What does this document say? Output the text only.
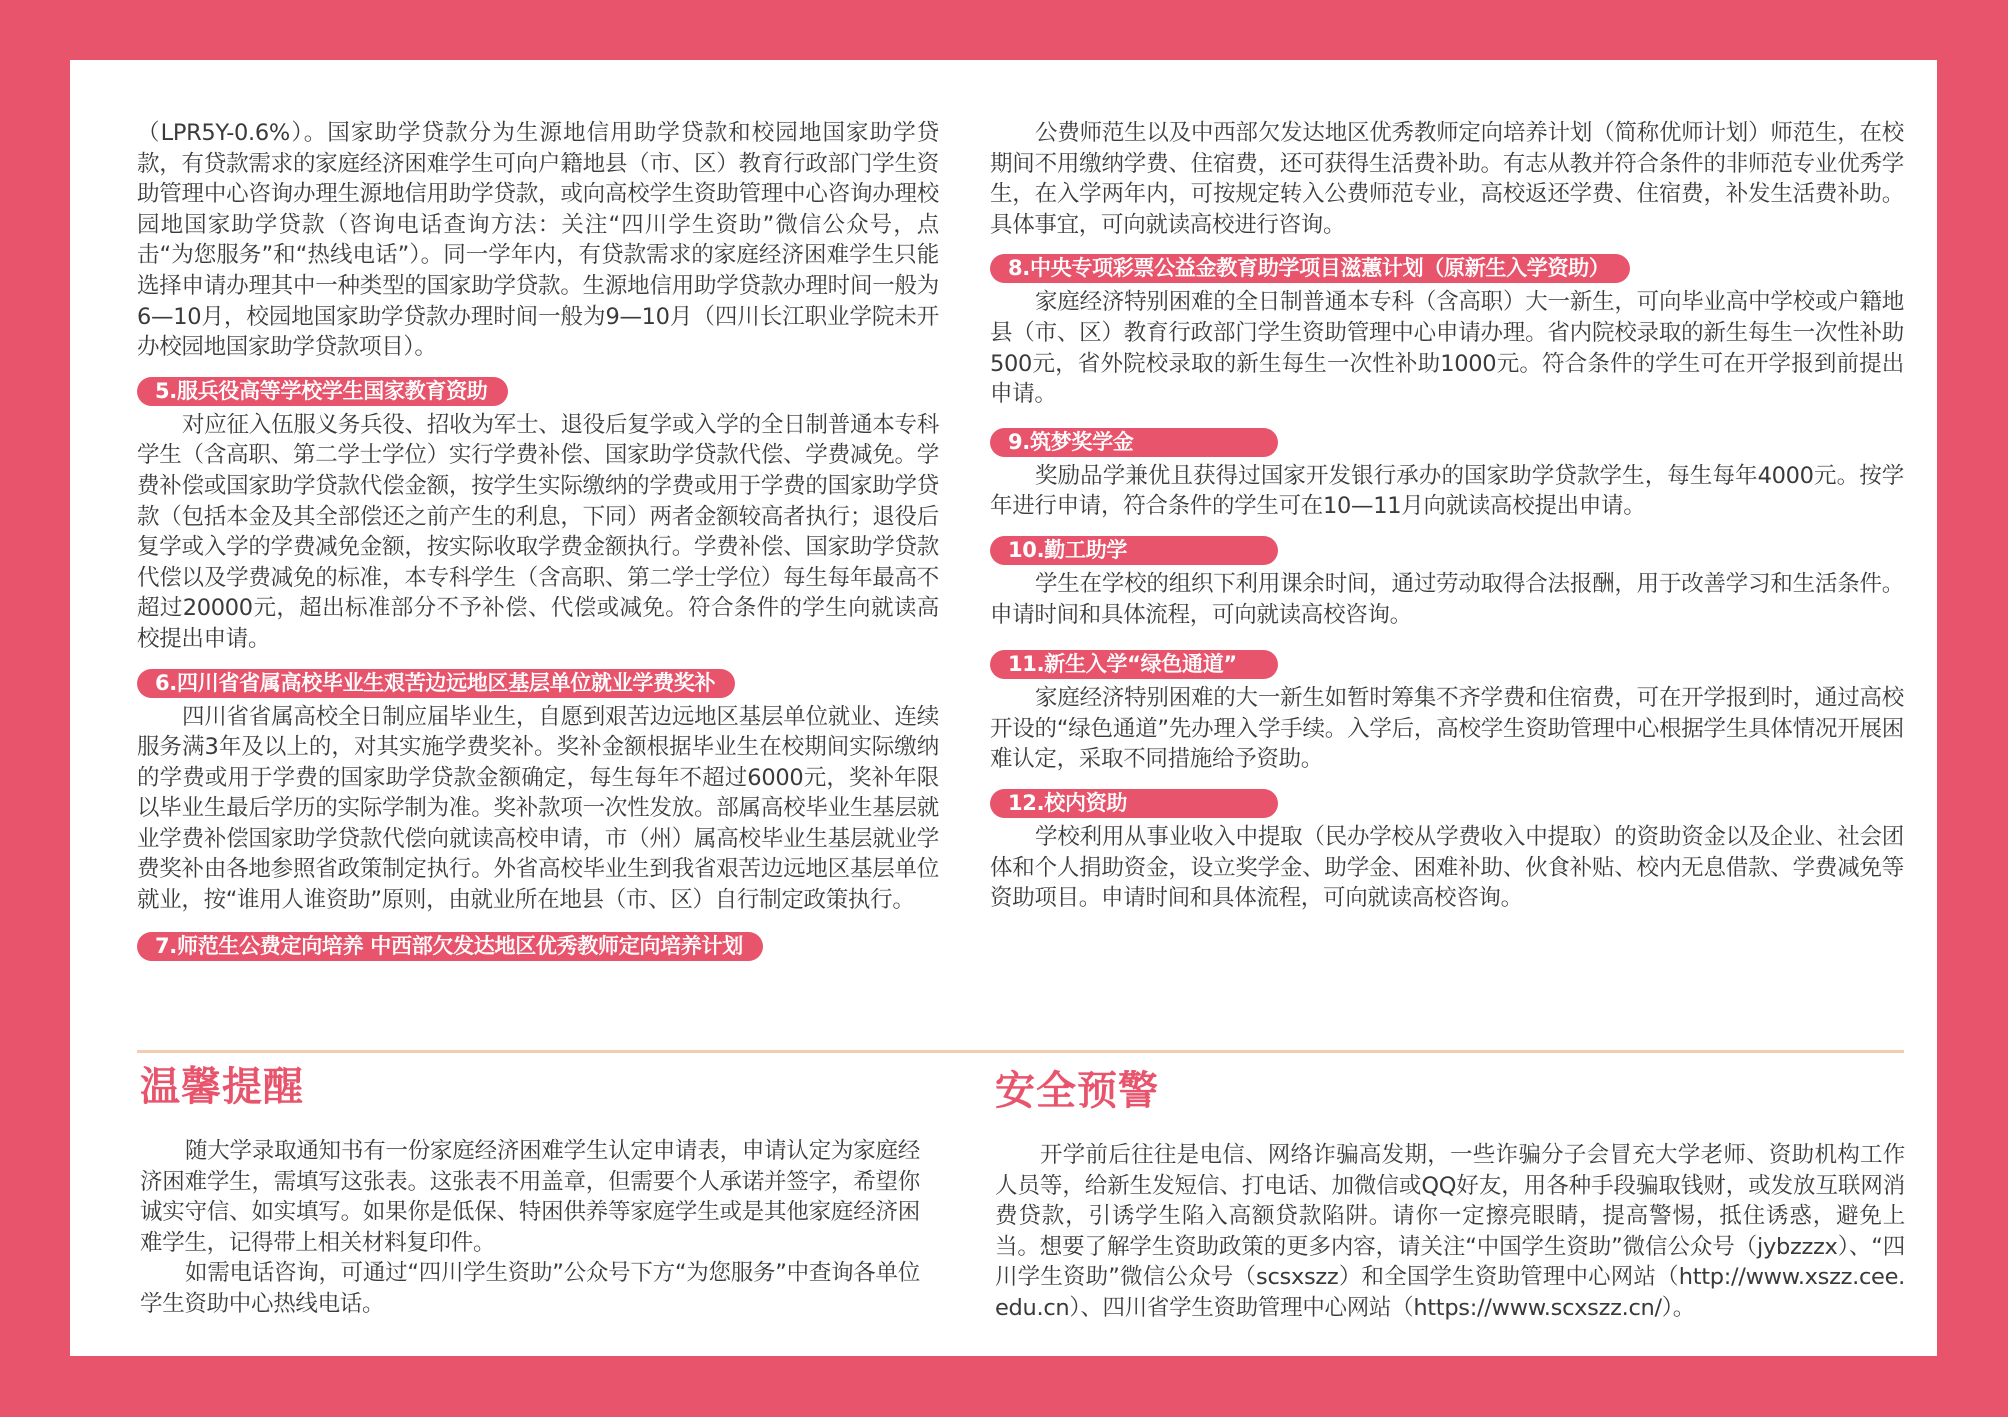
（LPR5Y-0.6%）。国家助学贷款分为生源地信用助学贷款和校园地国家助学贷款，有贷款需求的家庭经济困难学生可向户籍地县（市、区）教育行政部门学生资助管理中心咨询办理生源地信用助学贷款，或向高校学生资助管理中心咨询办理校园地国家助学贷款（咨询电话查询方法：关注“四川学生资助”微信公众号，点击“为您服务”和“热线电话”）。同一学年内，有贷款需求的家庭经济困难学生只能选择申请办理其中一种类型的国家助学贷款。生源地信用助学贷款办理时间一般为6—10月，校园地国家助学贷款办理时间一般为9—10月（四川长江职业学院未开办校园地国家助学贷款项目）。

5.服兵役高等学校学生国家教育资助

对应征入伍服义务兵役、招收为军士、退役后复学或入学的全日制普通本专科学生（含高职、第二学士学位）实行学费补偿、国家助学贷款代偿、学费减免。学费补偿或国家助学贷款代偿金额，按学生实际缴纳的学费或用于学费的国家助学贷款（包括本金及其全部偿还之前产生的利息，下同）两者金额较高者执行；退役后复学或入学的学费减免金额，按实际收取学费金额执行。学费补偿、国家助学贷款代偿以及学费减免的标准，本专科学生（含高职、第二学士学位）每生每年最高不超过20000元，超出标准部分不予补偿、代偿或减免。符合条件的学生向就读高校提出申请。

6.四川省省属高校毕业生艰苦边远地区基层单位就业学费奖补

四川省省属高校全日制应届毕业生，自愿到艰苦边远地区基层单位就业、连续服务满3年及以上的，对其实施学费奖补。奖补金额根据毕业生在校期间实际缴纳的学费或用于学费的国家助学贷款金额确定，每生每年不超过6000元，奖补年限以毕业生最后学历的实际学制为准。奖补款项一次性发放。部属高校毕业生基层就业学费补偿国家助学贷款代偿向就读高校申请，市（州）属高校毕业生基层就业学费奖补由各地参照省政策制定执行。外省高校毕业生到我省艰苦边远地区基层单位就业，按“谁用人谁资助”原则，由就业所在地县（市、区）自行制定政策执行。

7.师范生公费定向培养 中西部欠发达地区优秀教师定向培养计划

公费师范生以及中西部欠发达地区优秀教师定向培养计划（简称优师计划）师范生，在校期间不用缴纳学费、住宿费，还可获得生活费补助。有志从教并符合条件的非师范专业优秀学生，在入学两年内，可按规定转入公费师范专业，高校返还学费、住宿费，补发生活费补助。具体事宜，可向就读高校进行咨询。

8.中央专项彩票公益金教育助学项目滋蕙计划（原新生入学资助）

家庭经济特别困难的全日制普通本专科（含高职）大一新生，可向毕业高中学校或户籍地县（市、区）教育行政部门学生资助管理中心申请办理。省内院校录取的新生每生一次性补助500元，省外院校录取的新生每生一次性补助1000元。符合条件的学生可在开学报到前提出申请。

9.筑梦奖学金

奖励品学兼优且获得过国家开发银行承办的国家助学贷款学生，每生每年4000元。按学年进行申请，符合条件的学生可在10—11月向就读高校提出申请。

10.勤工助学

学生在学校的组织下利用课余时间，通过劳动取得合法报酬，用于改善学习和生活条件。申请时间和具体流程，可向就读高校咨询。

11.新生入学“绿色通道”

家庭经济特别困难的大一新生如暂时筹集不齐学费和住宿费，可在开学报到时，通过高校开设的“绿色通道”先办理入学手续。入学后，高校学生资助管理中心根据学生具体情况开展困难认定，采取不同措施给予资助。

12.校内资助

学校利用从事业收入中提取（民办学校从学费收入中提取）的资助资金以及企业、社会团体和个人捐助资金，设立奖学金、助学金、困难补助、伙食补贴、校内无息借款、学费减免等资助项目。申请时间和具体流程，可向就读高校咨询。

温馨提醒

随大学录取通知书有一份家庭经济困难学生认定申请表，申请认定为家庭经济困难学生，需填写这张表。这张表不用盖章，但需要个人承诺并签字，希望你诚实守信、如实填写。如果你是低保、特困供养等家庭学生或是其他家庭经济困难学生，记得带上相关材料复印件。

如需电话咨询，可通过“四川学生资助”公众号下方“为您服务”中查询各单位学生资助中心热线电话。

安全预警

开学前后往往是电信、网络诈骗高发期，一些诈骗分子会冒充大学老师、资助机构工作人员等，给新生发短信、打电话、加微信或QQ好友，用各种手段骗取钱财，或发放互联网消费贷款，引诱学生陷入高额贷款陷阱。请你一定擦亮眼睛，提高警惕，抵住诱惑，避免上当。想要了解学生资助政策的更多内容，请关注“中国学生资助”微信公众号（jybzzzx）、“四川学生资助”微信公众号（scsxszz）和全国学生资助管理中心网站（http://www.xszz.cee.edu.cn）、四川省学生资助管理中心网站（https://www.scxszz.cn/）。
